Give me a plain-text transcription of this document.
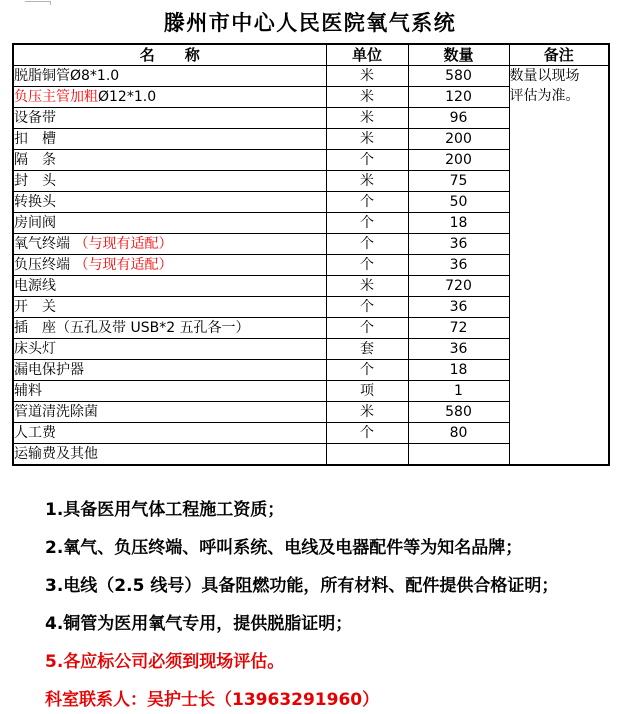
滕州市中心人民医院氧气系统
名　　称	单位	数量	备注
脱脂铜管Ø8*1.0	米	580	数量以现场
评估为准。

负压主管加粗Ø12*1.0	米	120	
设备带	米	96	
扣　槽	米	200	
隔　条	个	200	
封　头	米	75	
转换头	个	50	
房间阀	个	18	
氧气终端 （与现有适配）	个	36	
负压终端 （与现有适配）	个	36	
电源线	米	720	
开　关	个	36	
插　座（五孔及带 USB*2 五孔各一）	个	72	
床头灯	套	36	
漏电保护器	个	18	
辅料	项	1	
管道清洗除菌	米	580	
人工费	个	80	
运输费及其他			

1.具备医用气体工程施工资质；

2.氧气、负压终端、呼叫系统、电线及电器配件等为知名品牌；

3.电线（2.5 线号）具备阻燃功能，所有材料、配件提供合格证明；

4.铜管为医用氧气专用，提供脱脂证明；

5.各应标公司必须到现场评估。

科室联系人：吴护士长（13963291960）
